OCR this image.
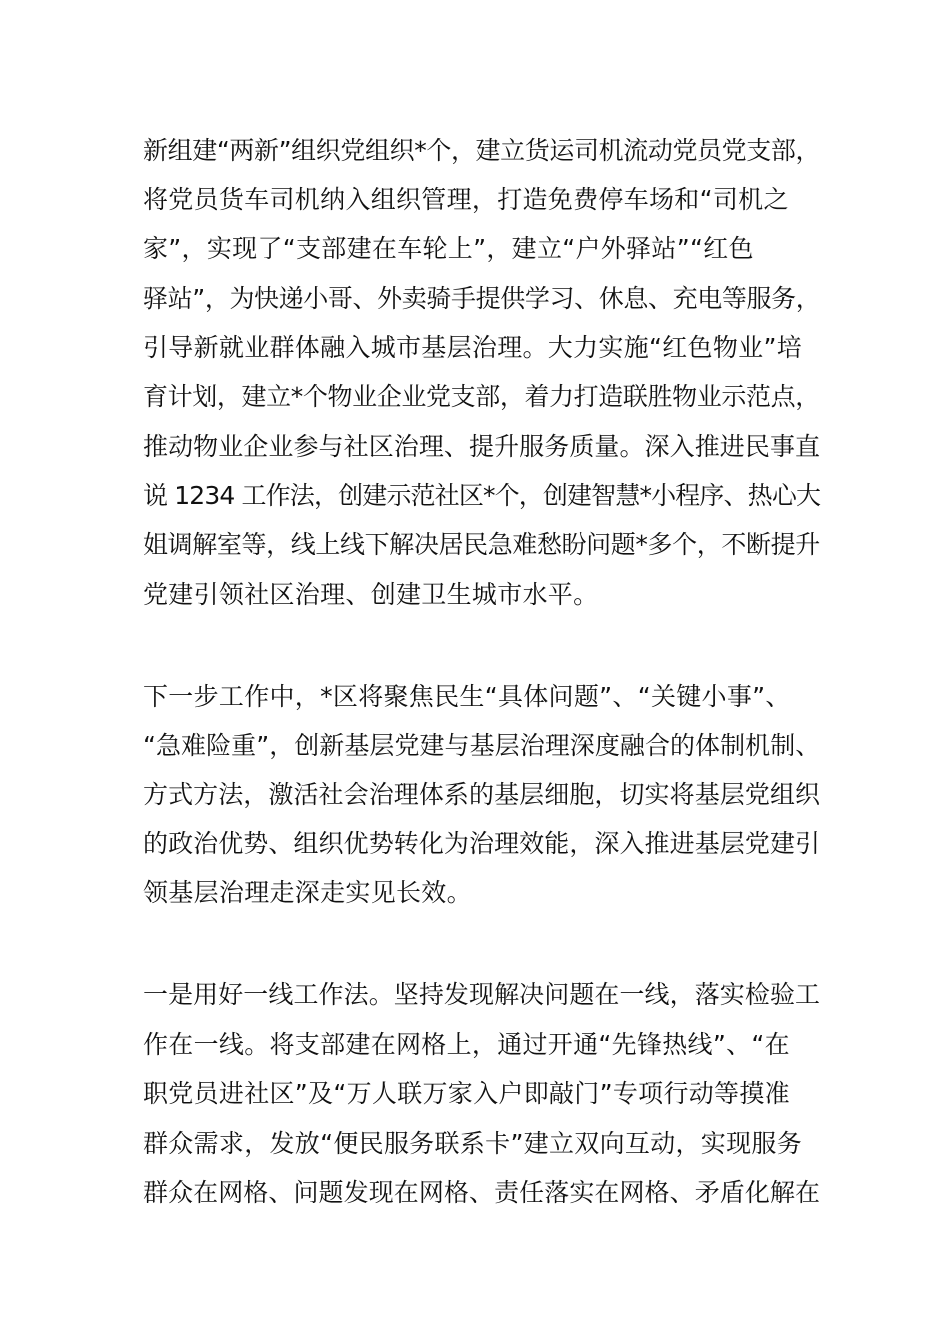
新组建“两新”组织党组织*个，建立货运司机流动党员党支部，
将党员货车司机纳入组织管理，打造免费停车场和“司机之
家”，实现了“支部建在车轮上”，建立“户外驿站”“红色
驿站”，为快递小哥、外卖骑手提供学习、休息、充电等服务，
引导新就业群体融入城市基层治理。大力实施“红色物业”培
育计划，建立*个物业企业党支部，着力打造联胜物业示范点，
推动物业企业参与社区治理、提升服务质量。深入推进民事直
说 1234 工作法，创建示范社区*个，创建智慧*小程序、热心大
姐调解室等，线上线下解决居民急难愁盼问题*多个，不断提升
党建引领社区治理、创建卫生城市水平。
下一步工作中，*区将聚焦民生“具体问题”、“关键小事”、
“急难险重”，创新基层党建与基层治理深度融合的体制机制、
方式方法，激活社会治理体系的基层细胞，切实将基层党组织
的政治优势、组织优势转化为治理效能，深入推进基层党建引
领基层治理走深走实见长效。
一是用好一线工作法。坚持发现解决问题在一线，落实检验工
作在一线。将支部建在网格上，通过开通“先锋热线”、“在
职党员进社区”及“万人联万家入户即敲门”专项行动等摸准
群众需求，发放“便民服务联系卡”建立双向互动，实现服务
群众在网格、问题发现在网格、责任落实在网格、矛盾化解在
